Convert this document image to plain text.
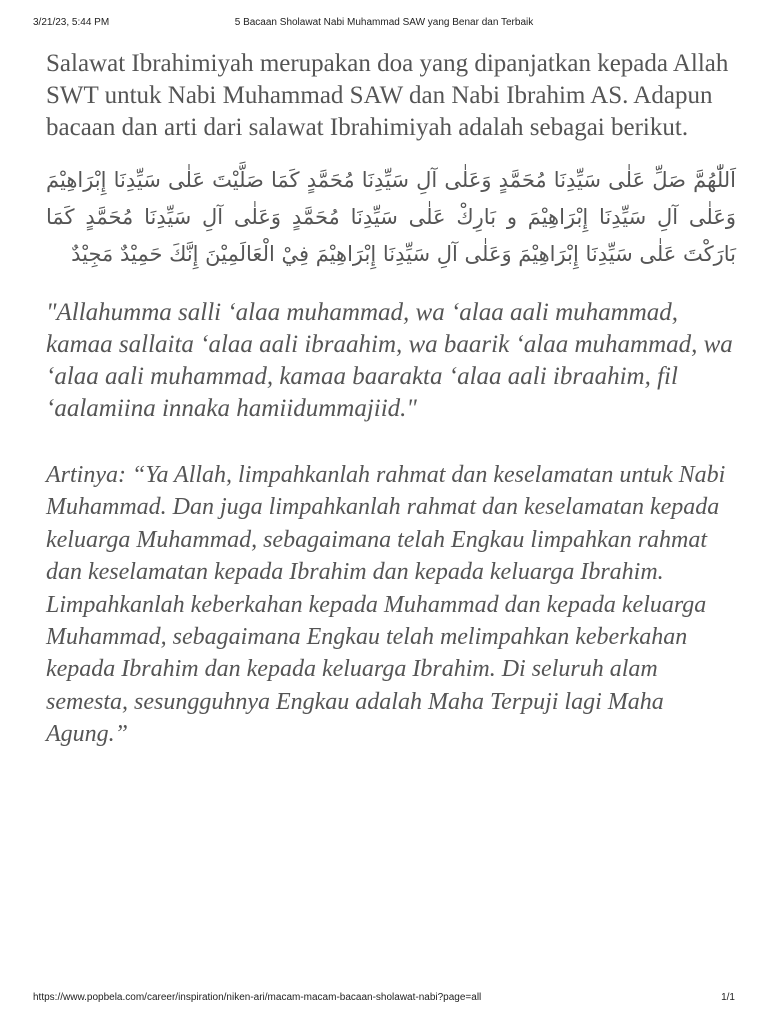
3/21/23, 5:44 PM	5 Bacaan Sholawat Nabi Muhammad SAW yang Benar dan Terbaik

Salawat Ibrahimiyah merupakan doa yang dipanjatkan kepada Allah SWT untuk Nabi Muhammad SAW dan Nabi Ibrahim AS. Adapun bacaan dan arti dari salawat Ibrahimiyah adalah sebagai berikut.

اَللّٰهُمَّ صَلِّ عَلٰى سَيِّدِنَا مُحَمَّدٍ وَعَلٰى آلِ سَيِّدِنَا مُحَمَّدٍ كَمَا صَلَّيْتَ عَلٰى سَيِّدِنَا إِبْرَاهِيْمَ وَعَلٰى آلِ سَيِّدِنَا إِبْرَاهِيْمَ و بَارِكْ عَلٰى سَيِّدِنَا مُحَمَّدٍ وَعَلٰى آلِ سَيِّدِنَا مُحَمَّدٍ كَمَا بَارَكْتَ عَلٰى سَيِّدِنَا إِبْرَاهِيْمَ وَعَلٰى آلِ سَيِّدِنَا إِبْرَاهِيْمَ فِيْ الْعَالَمِيْنَ إِنَّكَ حَمِيْدٌ مَجِيْدٌ

"Allahumma salli ‘alaa muhammad, wa ‘alaa aali muhammad, kamaa sallaita ‘alaa aali ibraahim, wa baarik ‘alaa muhammad, wa ‘alaa aali muhammad, kamaa baarakta ‘alaa aali ibraahim, fil ‘aalamiina innaka hamiidummajiid."

Artinya: “Ya Allah, limpahkanlah rahmat dan keselamatan untuk Nabi Muhammad. Dan juga limpahkanlah rahmat dan keselamatan kepada keluarga Muhammad, sebagaimana telah Engkau limpahkan rahmat dan keselamatan kepada Ibrahim dan kepada keluarga Ibrahim. Limpahkanlah keberkahan kepada Muhammad dan kepada keluarga Muhammad, sebagaimana Engkau telah melimpahkan keberkahan kepada Ibrahim dan kepada keluarga Ibrahim. Di seluruh alam semesta, sesungguhnya Engkau adalah Maha Terpuji lagi Maha Agung.”

https://www.popbela.com/career/inspiration/niken-ari/macam-macam-bacaan-sholawat-nabi?page=all	1/1
